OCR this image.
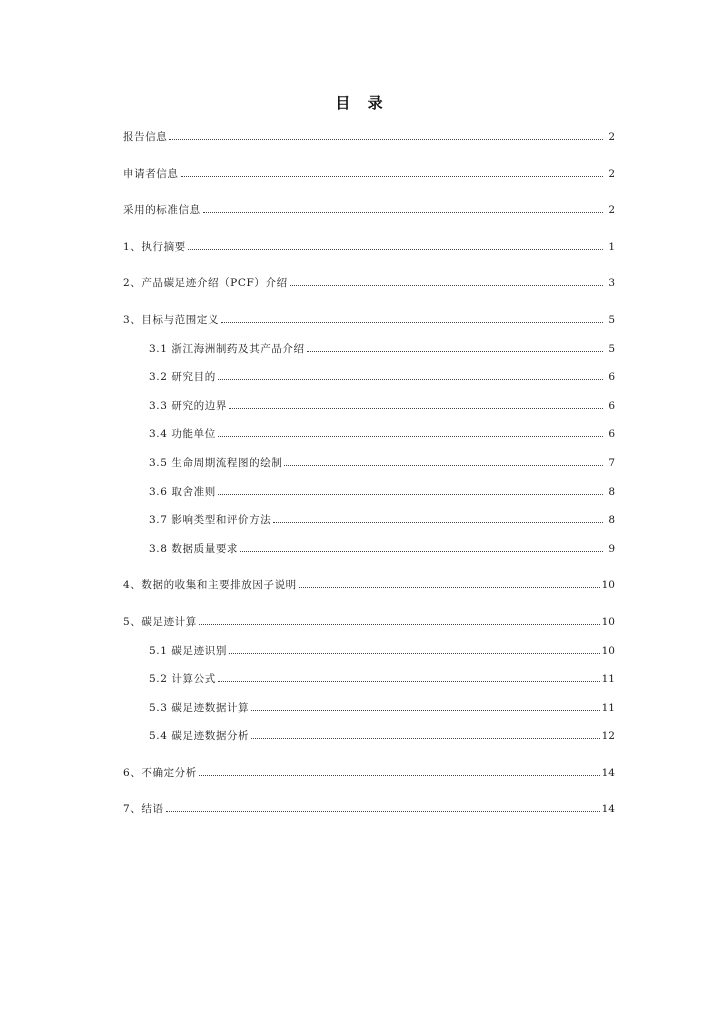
目 录
报告信息	2
申请者信息	2
采用的标准信息	2
1、执行摘要	1
2、产品碳足迹介绍（PCF）介绍	3
3、目标与范围定义	5
3.1 浙江海洲制药及其产品介绍	5
3.2 研究目的	6
3.3 研究的边界	6
3.4 功能单位	6
3.5 生命周期流程图的绘制	7
3.6 取舍准则	8
3.7 影响类型和评价方法	8
3.8 数据质量要求	9
4、数据的收集和主要排放因子说明	10
5、碳足迹计算	10
5.1 碳足迹识别	10
5.2 计算公式	11
5.3 碳足迹数据计算	11
5.4 碳足迹数据分析	12
6、不确定分析	14
7、结语	14
